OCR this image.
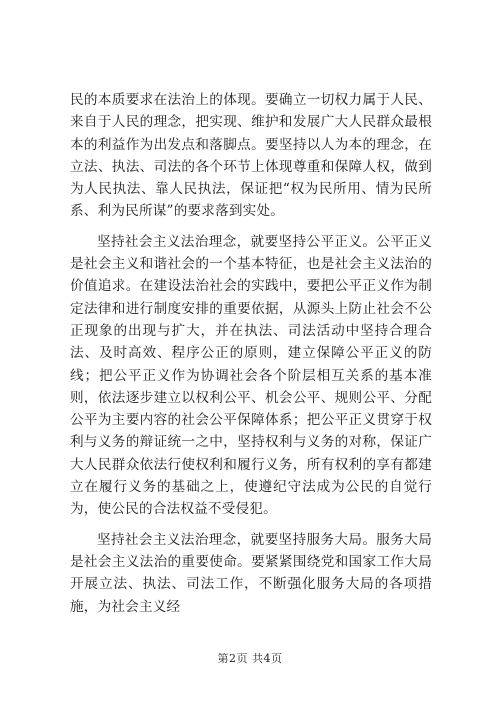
民的本质要求在法治上的体现。要确立一切权力属于人民、来自于人民的理念，把实现、维护和发展广大人民群众最根本的利益作为出发点和落脚点。要坚持以人为本的理念，在立法、执法、司法的各个环节上体现尊重和保障人权，做到为人民执法、靠人民执法，保证把“权为民所用、情为民所系、利为民所谋”的要求落到实处。

坚持社会主义法治理念，就要坚持公平正义。公平正义是社会主义和谐社会的一个基本特征，也是社会主义法治的价值追求。在建设法治社会的实践中，要把公平正义作为制定法律和进行制度安排的重要依据，从源头上防止社会不公正现象的出现与扩大，并在执法、司法活动中坚持合理合法、及时高效、程序公正的原则，建立保障公平正义的防线；把公平正义作为协调社会各个阶层相互关系的基本准则，依法逐步建立以权利公平、机会公平、规则公平、分配公平为主要内容的社会公平保障体系；把公平正义贯穿于权利与义务的辩证统一之中，坚持权利与义务的对称，保证广大人民群众依法行使权利和履行义务，所有权利的享有都建立在履行义务的基础之上，使遵纪守法成为公民的自觉行为，使公民的合法权益不受侵犯。

坚持社会主义法治理念，就要坚持服务大局。服务大局是社会主义法治的重要使命。要紧紧围绕党和国家工作大局开展立法、执法、司法工作，不断强化服务大局的各项措施，为社会主义经

第2页 共4页
